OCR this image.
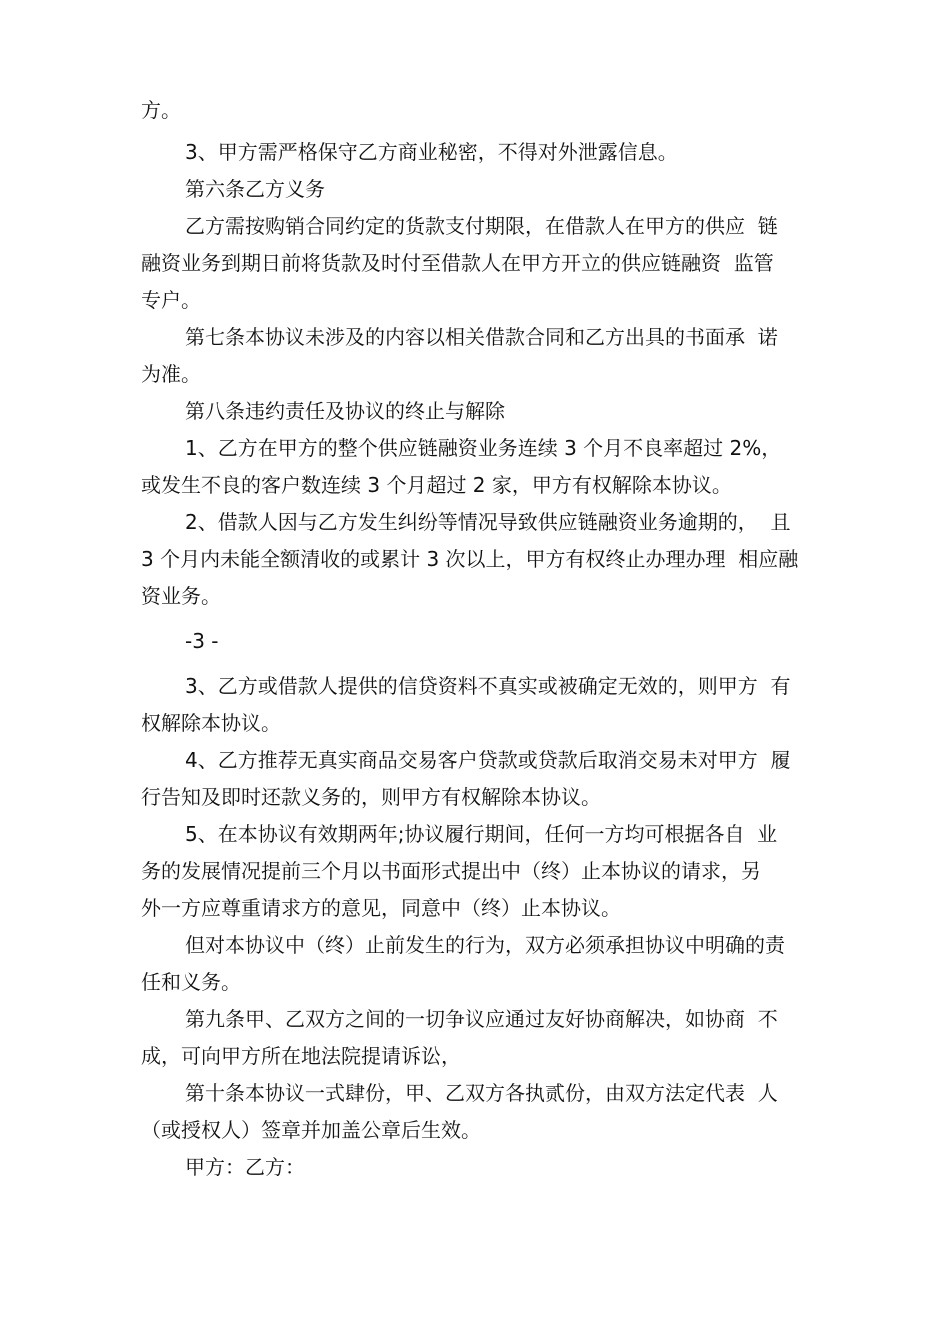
方。

3、甲方需严格保守乙方商业秘密，不得对外泄露信息。

第六条乙方义务

乙方需按购销合同约定的货款支付期限，在借款人在甲方的供应  链

融资业务到期日前将货款及时付至借款人在甲方开立的供应链融资  监管

专户。

第七条本协议未涉及的内容以相关借款合同和乙方出具的书面承  诺

为准。

第八条违约责任及协议的终止与解除

1、乙方在甲方的整个供应链融资业务连续 3 个月不良率超过 2%，

或发生不良的客户数连续 3 个月超过 2 家，甲方有权解除本协议。

2、借款人因与乙方发生纠纷等情况导致供应链融资业务逾期的，  且

3 个月内未能全额清收的或累计 3 次以上，甲方有权终止办理办理  相应融

资业务。

-3 -

3、乙方或借款人提供的信贷资料不真实或被确定无效的，则甲方  有

权解除本协议。

4、乙方推荐无真实商品交易客户贷款或贷款后取消交易未对甲方  履

行告知及即时还款义务的，则甲方有权解除本协议。

5、在本协议有效期两年;协议履行期间，任何一方均可根据各自  业

务的发展情况提前三个月以书面形式提出中（终）止本协议的请求，另

外一方应尊重请求方的意见，同意中（终）止本协议。

但对本协议中（终）止前发生的行为，双方必须承担协议中明确的责

任和义务。

第九条甲、乙双方之间的一切争议应通过友好协商解决，如协商  不

成，可向甲方所在地法院提请诉讼，

第十条本协议一式肆份，甲、乙双方各执贰份，由双方法定代表  人

（或授权人）签章并加盖公章后生效。

甲方：乙方：
